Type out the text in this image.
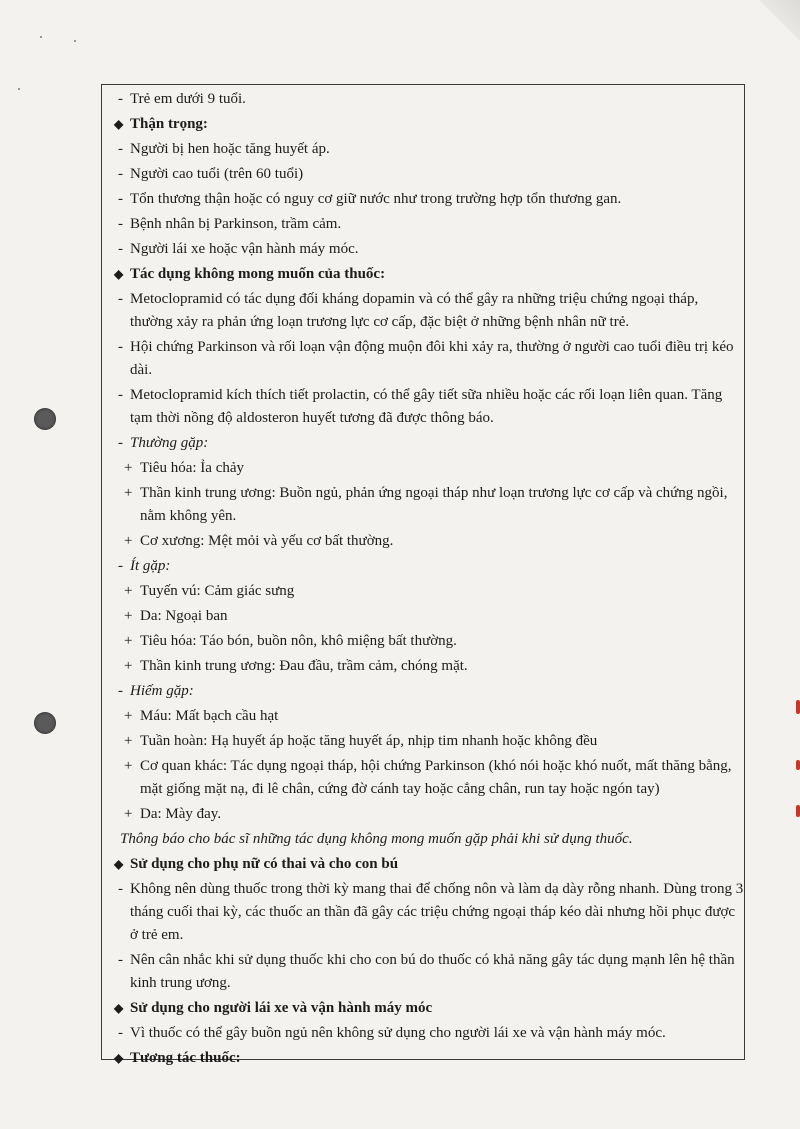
- Trẻ em dưới 9 tuổi.
◆ Thận trọng:
- Người bị hen hoặc tăng huyết áp.
- Người cao tuổi (trên 60 tuổi)
- Tổn thương thận hoặc có nguy cơ giữ nước như trong trường hợp tổn thương gan.
- Bệnh nhân bị Parkinson, trầm cảm.
- Người lái xe hoặc vận hành máy móc.
◆ Tác dụng không mong muốn của thuốc:
- Metoclopramid có tác dụng đối kháng dopamin và có thể gây ra những triệu chứng ngoại tháp, thường xảy ra phản ứng loạn trương lực cơ cấp, đặc biệt ở những bệnh nhân nữ trẻ.
- Hội chứng Parkinson và rối loạn vận động muộn đôi khi xảy ra, thường ở người cao tuổi điều trị kéo dài.
- Metoclopramid kích thích tiết prolactin, có thể gây tiết sữa nhiều hoặc các rối loạn liên quan. Tăng tạm thời nồng độ aldosteron huyết tương đã được thông báo.
- Thường gặp:
+ Tiêu hóa: Ỉa chảy
+ Thần kinh trung ương: Buồn ngủ, phản ứng ngoại tháp như loạn trương lực cơ cấp và chứng ngồi, nằm không yên.
+ Cơ xương: Mệt mỏi và yếu cơ bất thường.
- Ít gặp:
+ Tuyến vú: Cảm giác sưng
+ Da: Ngoại ban
+ Tiêu hóa: Táo bón, buồn nôn, khô miệng bất thường.
+ Thần kinh trung ương: Đau đầu, trầm cảm, chóng mặt.
- Hiếm gặp:
+ Máu: Mất bạch cầu hạt
+ Tuần hoàn: Hạ huyết áp hoặc tăng huyết áp, nhịp tim nhanh hoặc không đều
+ Cơ quan khác: Tác dụng ngoại tháp, hội chứng Parkinson (khó nói hoặc khó nuốt, mất thăng bằng, mặt giống mặt nạ, đi lê chân, cứng đờ cánh tay hoặc cẳng chân, run tay hoặc ngón tay)
+ Da: Mày đay.
Thông báo cho bác sĩ những tác dụng không mong muốn gặp phải khi sử dụng thuốc.
◆ Sử dụng cho phụ nữ có thai và cho con bú
- Không nên dùng thuốc trong thời kỳ mang thai để chống nôn và làm dạ dày rỗng nhanh. Dùng trong 3 tháng cuối thai kỳ, các thuốc an thần đã gây các triệu chứng ngoại tháp kéo dài nhưng hồi phục được ở trẻ em.
- Nên cân nhắc khi sử dụng thuốc khi cho con bú do thuốc có khả năng gây tác dụng mạnh lên hệ thần kinh trung ương.
◆ Sử dụng cho người lái xe và vận hành máy móc
- Vì thuốc có thể gây buồn ngủ nên không sử dụng cho người lái xe và vận hành máy móc.
◆ Tương tác thuốc:
